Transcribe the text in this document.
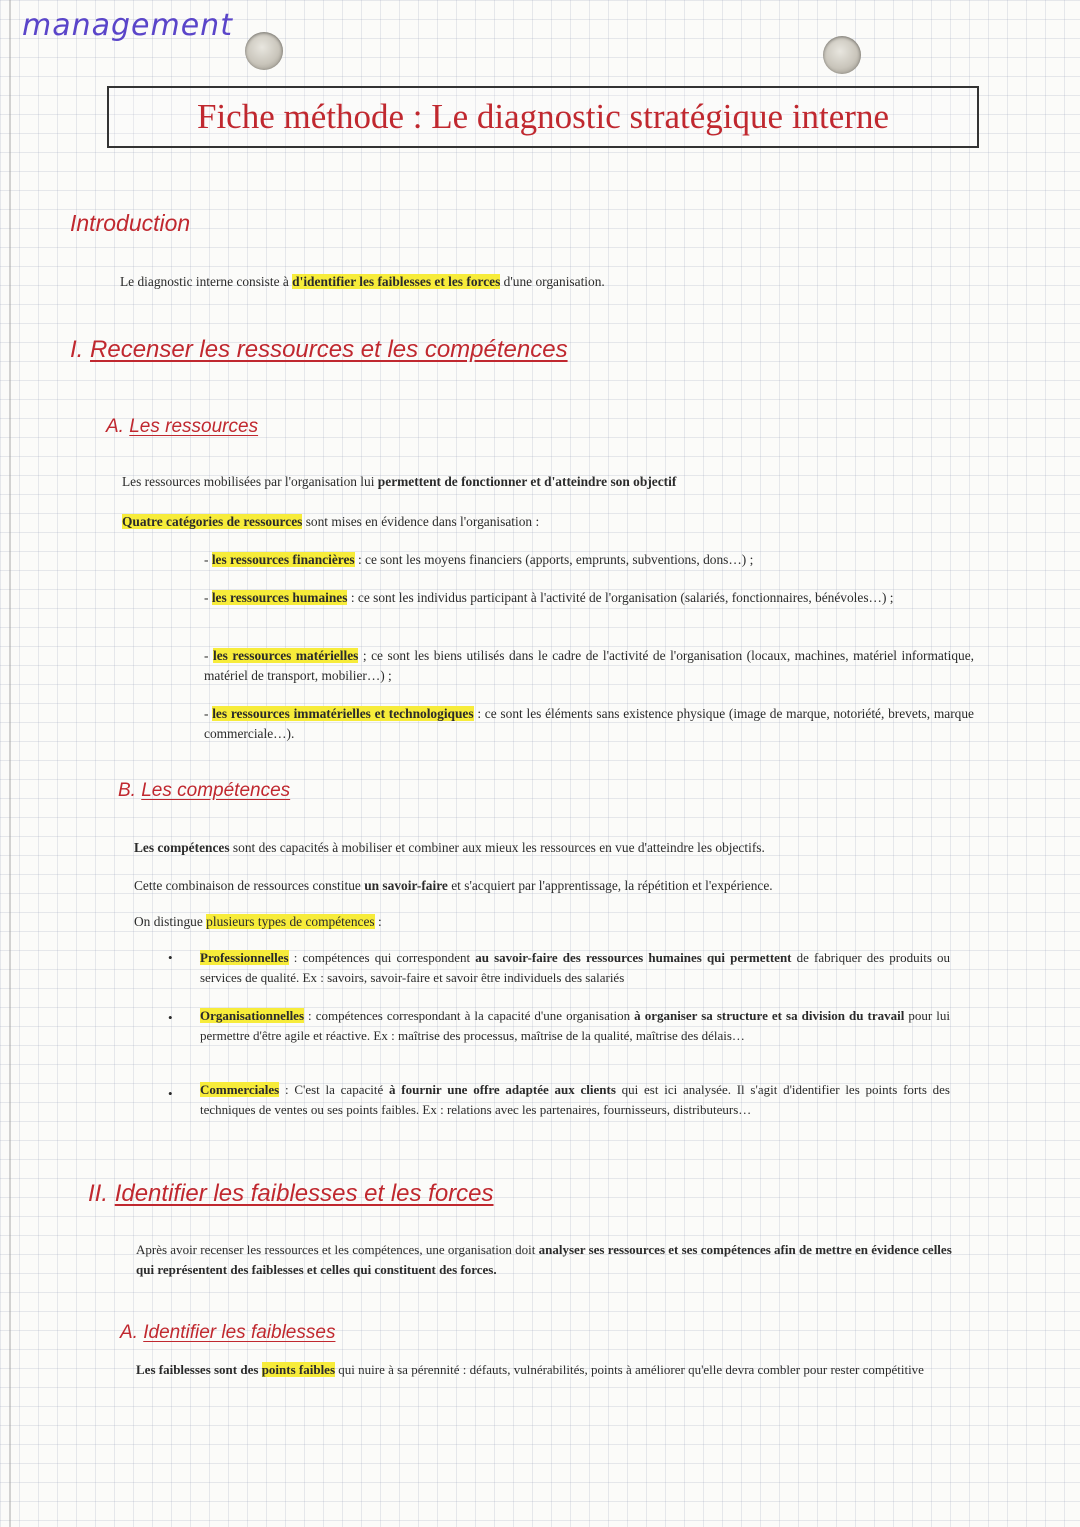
management
Fiche méthode : Le diagnostic stratégique interne
Introduction
Le diagnostic interne consiste à d'identifier les faiblesses et les forces d'une organisation.
I. Recenser les ressources et les compétences
A. Les ressources
Les ressources mobilisées par l'organisation lui permettent de fonctionner et d'atteindre son objectif
Quatre catégories de ressources sont mises en évidence dans l'organisation :
- les ressources financières : ce sont les moyens financiers (apports, emprunts, subventions, dons…) ;
- les ressources humaines : ce sont les individus participant à l'activité de l'organisation (salariés, fonctionnaires, bénévoles…) ;
- les ressources matérielles ; ce sont les biens utilisés dans le cadre de l'activité de l'organisation (locaux, machines, matériel informatique, matériel de transport, mobilier…) ;
- les ressources immatérielles et technologiques : ce sont les éléments sans existence physique (image de marque, notoriété, brevets, marque commerciale…).
B. Les compétences
Les compétences sont des capacités à mobiliser et combiner aux mieux les ressources en vue d'atteindre les objectifs.
Cette combinaison de ressources constitue un savoir-faire et s'acquiert par l'apprentissage, la répétition et l'expérience.
On distingue plusieurs types de compétences :
• Professionnelles : compétences qui correspondent au savoir-faire des ressources humaines qui permettent de fabriquer des produits ou services de qualité. Ex : savoirs, savoir-faire et savoir être individuels des salariés
• Organisationnelles : compétences correspondant à la capacité d'une organisation à organiser sa structure et sa division du travail pour lui permettre d'être agile et réactive. Ex : maîtrise des processus, maîtrise de la qualité, maîtrise des délais…
• Commerciales : C'est la capacité à fournir une offre adaptée aux clients qui est ici analysée. Il s'agit d'identifier les points forts des techniques de ventes ou ses points faibles. Ex : relations avec les partenaires, fournisseurs, distributeurs…
II. Identifier les faiblesses et les forces
Après avoir recenser les ressources et les compétences, une organisation doit analyser ses ressources et ses compétences afin de mettre en évidence celles qui représentent des faiblesses et celles qui constituent des forces.
A. Identifier les faiblesses
Les faiblesses sont des points faibles qui nuire à sa pérennité : défauts, vulnérabilités, points à améliorer qu'elle devra combler pour rester compétitive
